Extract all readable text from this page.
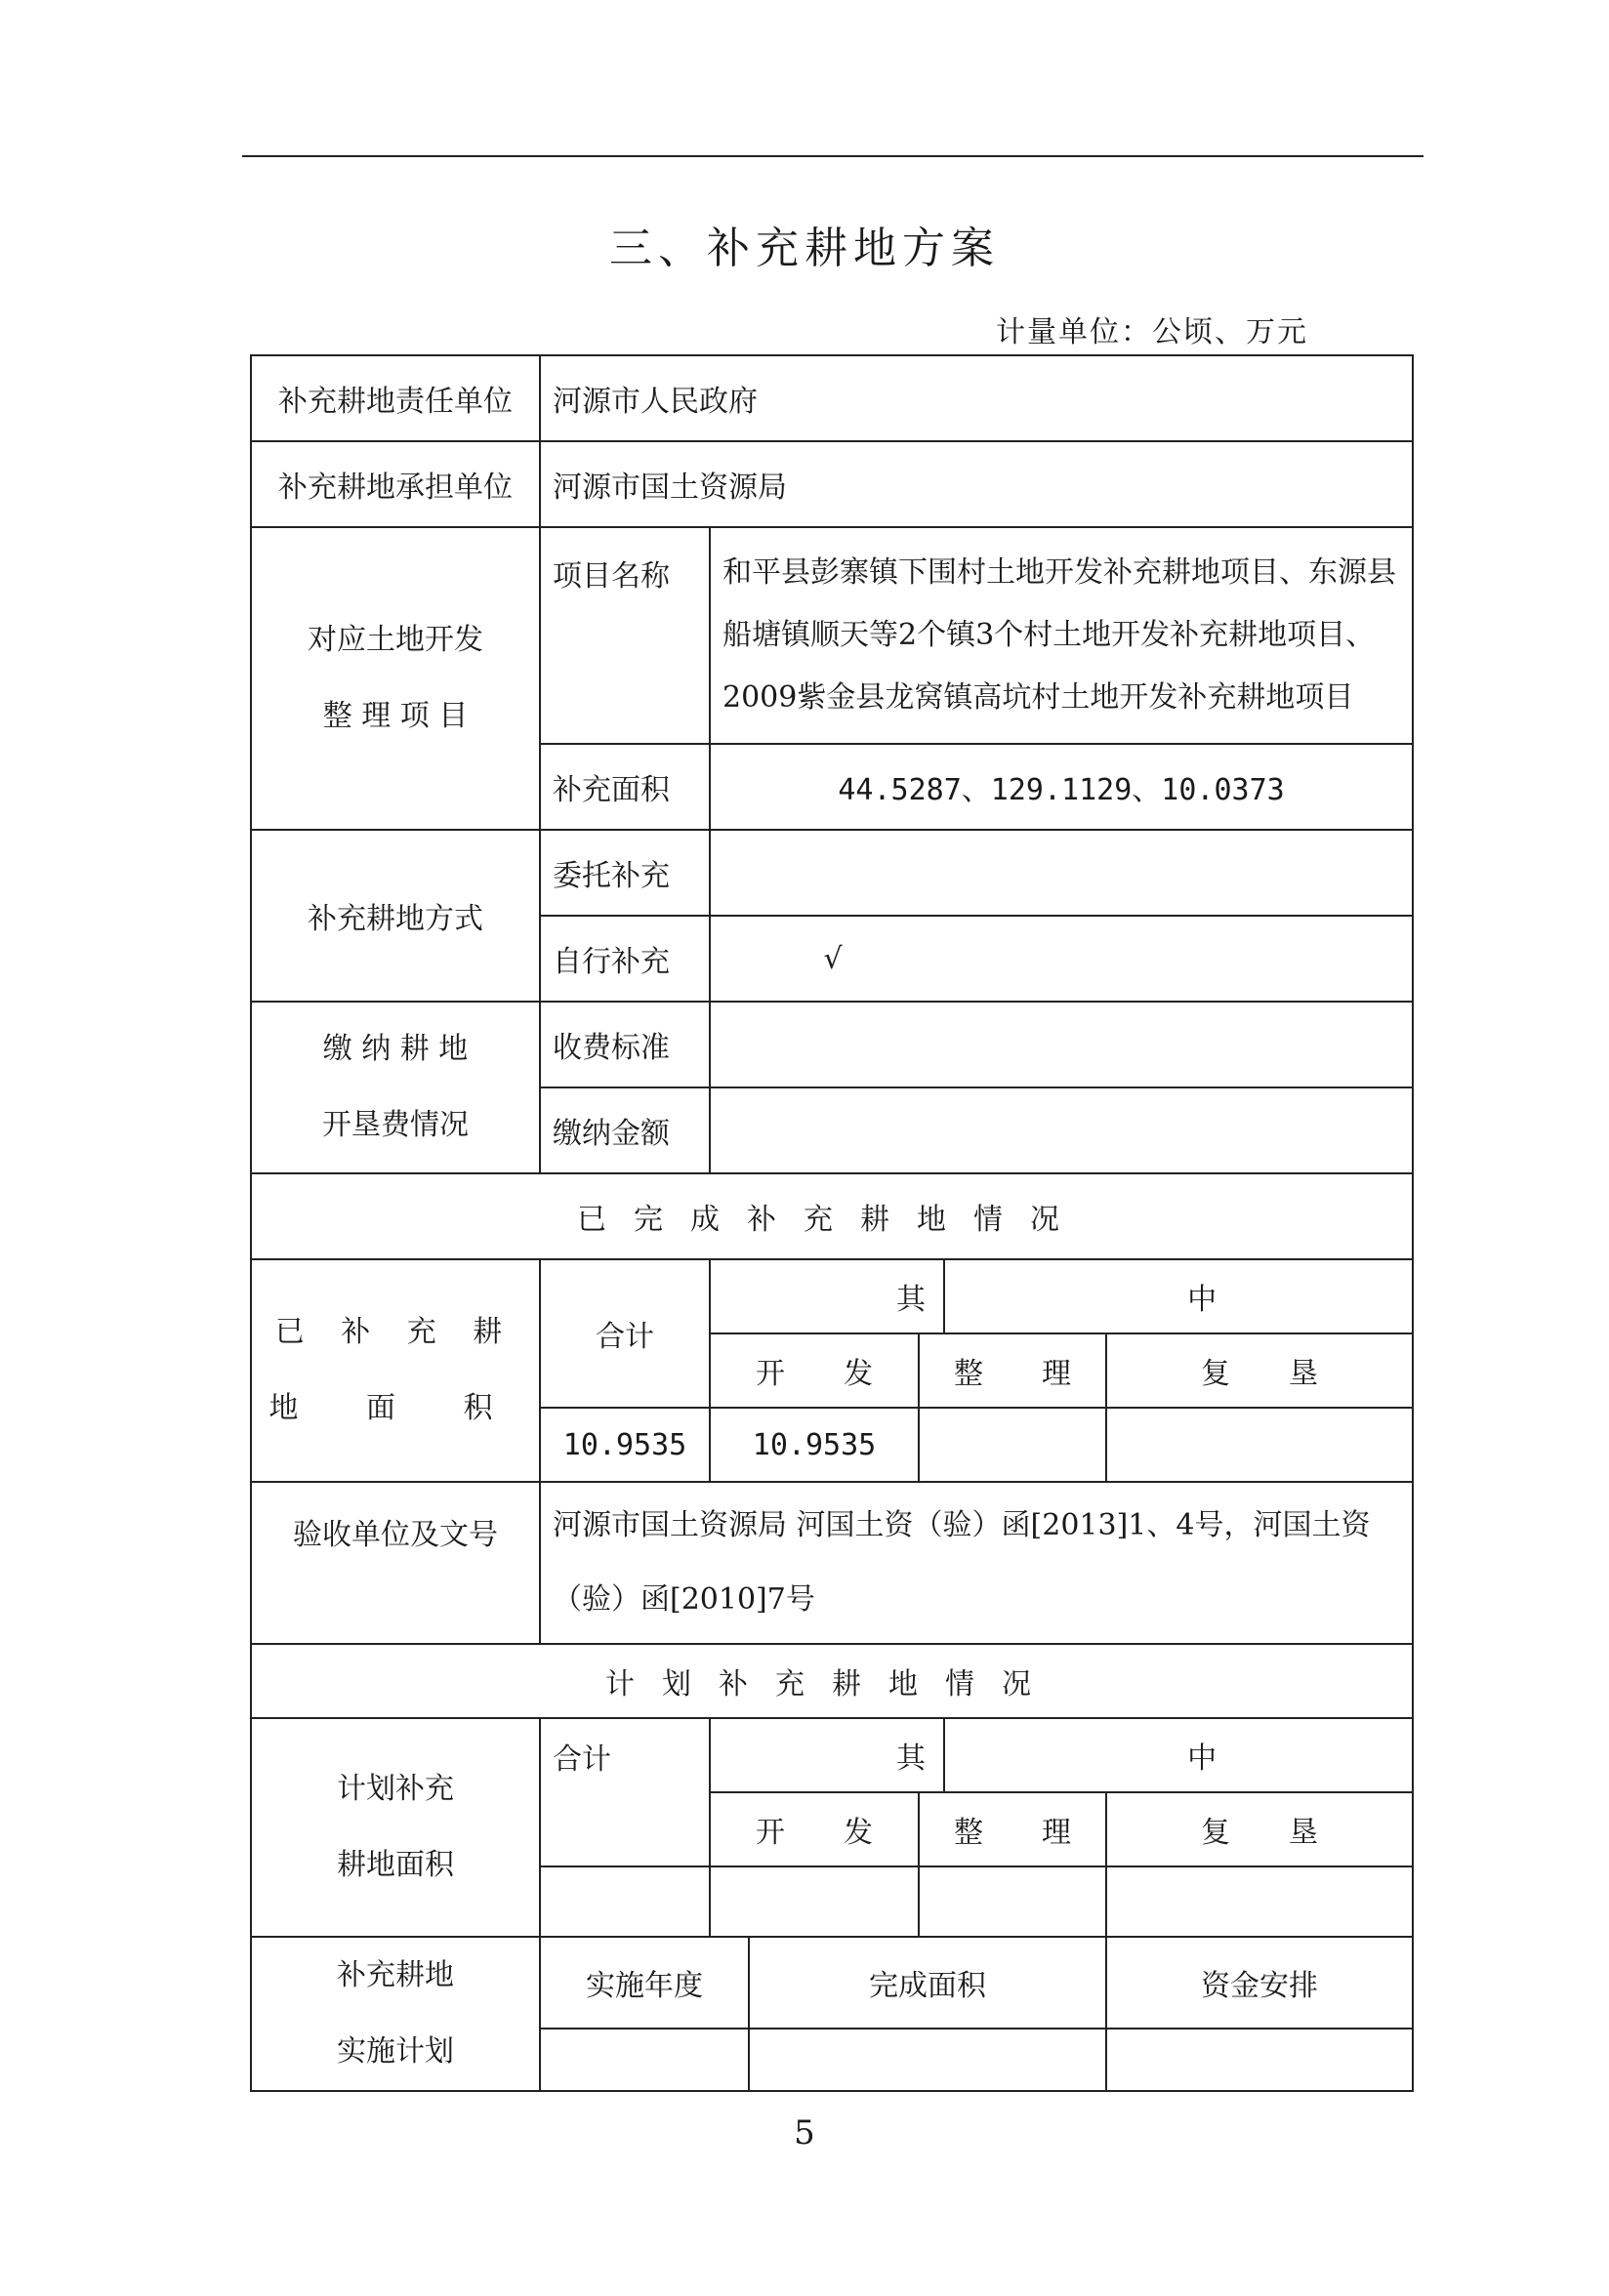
三、补充耕地方案
计量单位：公顷、万元
补充耕地责任单位	河源市人民政府					
补充耕地承担单位	河源市国土资源局					

对应土地开发
整 理 项 目	项目名称	和平县彭寨镇下围村土地开发补充耕地项目、东源县船塘镇顺天等2个镇3个村土地开发补充耕地项目、2009紫金县龙窝镇高坑村土地开发补充耕地项目				
	补充面积	44.5287、129.1129、10.0373				
补充耕地方式	委托补充					
	自行补充	√				

缴 纳 耕 地
开垦费情况	收费标准					
	缴纳金额					
已完成补充耕地情况						

已 补 充 耕
地 面 积	合计	其			中	
		开　　发		整　　理		复　　垦
	10.9535	10.9535				
验收单位及文号	河源市国土资源局 河国土资（验）函[2013]1、4号，河国土资（验）函[2010]7号					
计划补充耕地情况						

计划补充
耕地面积	合计	其			中	
		开　　发		整　　理		复　　垦

补充耕地
实施计划	实施年度		完成面积			资金安排

5
